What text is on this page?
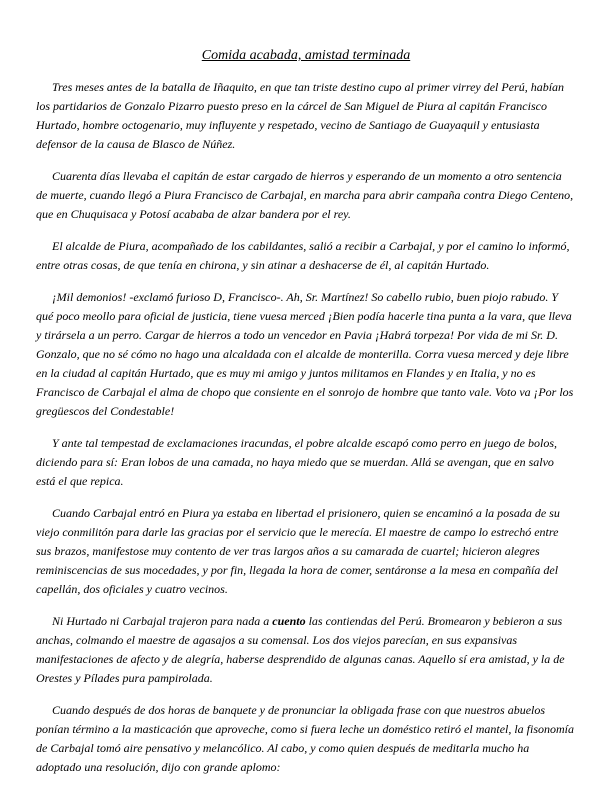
Comida acabada, amistad terminada

Tres meses antes de la batalla de Iñaquito, en que tan triste destino cupo al primer virrey del Perú, habían los partidarios de Gonzalo Pizarro puesto preso en la cárcel de San Miguel de Piura al capitán Francisco Hurtado, hombre octogenario, muy influyente y respetado, vecino de Santiago de Guayaquil y entusiasta defensor de la causa de Blasco de Núñez.

Cuarenta días llevaba el capitán de estar cargado de hierros y esperando de un momento a otro sentencia de muerte, cuando llegó a Piura Francisco de Carbajal, en marcha para abrir campaña contra Diego Centeno, que en Chuquisaca y Potosí acababa de alzar bandera por el rey.

El alcalde de Piura, acompañado de los cabildantes, salió a recibir a Carbajal, y por el camino lo informó, entre otras cosas, de que tenía en chirona, y sin atinar a deshacerse de él, al capitán Hurtado.

¡Mil demonios! -exclamó furioso D, Francisco-. Ah, Sr. Martínez! So cabello rubio, buen piojo rabudo. Y qué poco meollo para oficial de justicia, tiene vuesa merced ¡Bien podía hacerle tina punta a la vara, que lleva y tirársela a un perro. Cargar de hierros a todo un vencedor en Pavia ¡Habrá torpeza! Por vida de mi Sr. D. Gonzalo, que no sé cómo no hago una alcaldada con el alcalde de monterilla. Corra vuesa merced y deje libre en la ciudad al capitán Hurtado, que es muy mi amigo y juntos militamos en Flandes y en Italia, y no es Francisco de Carbajal el alma de chopo que consiente en el sonrojo de hombre que tanto vale. Voto va ¡Por los gregüescos del Condestable!

Y ante tal tempestad de exclamaciones iracundas, el pobre alcalde escapó como perro en juego de bolos, diciendo para sí: Eran lobos de una camada, no haya miedo que se muerdan. Allá se avengan, que en salvo está el que repica.

Cuando Carbajal entró en Piura ya estaba en libertad el prisionero, quien se encaminó a la posada de su viejo conmilitón para darle las gracias por el servicio que le merecía. El maestre de campo lo estrechó entre sus brazos, manifestose muy contento de ver tras largos años a su camarada de cuartel; hicieron alegres reminiscencias de sus mocedades, y por fin, llegada la hora de comer, sentáronse a la mesa en compañía del capellán, dos oficiales y cuatro vecinos.

Ni Hurtado ni Carbajal trajeron para nada a cuento las contiendas del Perú. Bromearon y bebieron a sus anchas, colmando el maestre de agasajos a su comensal. Los dos viejos parecían, en sus expansivas manifestaciones de afecto y de alegría, haberse desprendido de algunas canas. Aquello sí era amistad, y la de Orestes y Pílades pura pampirolada.

Cuando después de dos horas de banquete y de pronunciar la obligada frase con que nuestros abuelos ponían término a la masticación que aproveche, como si fuera leche un doméstico retiró el mantel, la fisonomía de Carbajal tomó aire pensativo y melancólico. Al cabo, y como quien después de meditarla mucho ha adoptado una resolución, dijo con grande aplomo:
